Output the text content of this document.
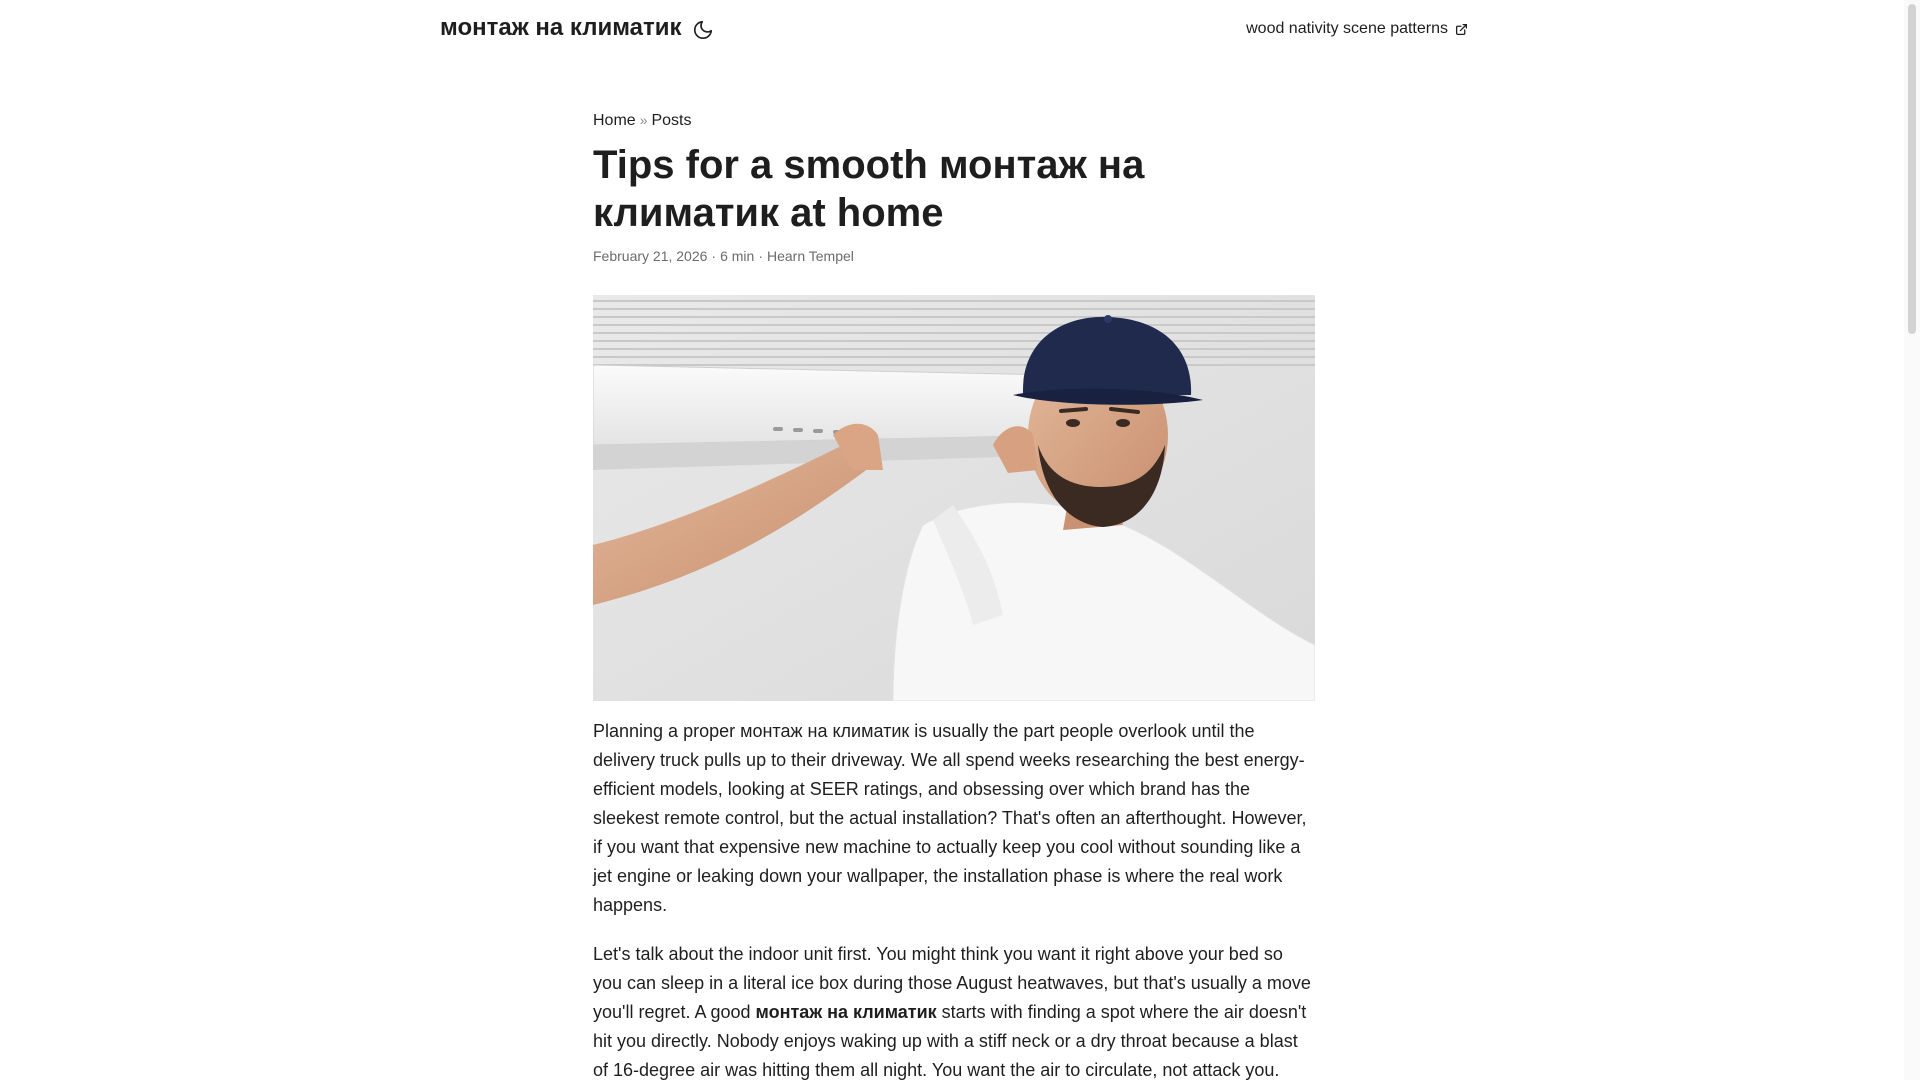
монтаж на климатик	wood nativity scene patterns
Home » Posts
Tips for a smooth монтаж на климатик at home
February 21, 2026 · 6 min · Hearn Tempel

Planning a proper монтаж на климатик is usually the part people overlook until the delivery truck pulls up to their driveway. We all spend weeks researching the best energy-efficient models, looking at SEER ratings, and obsessing over which brand has the sleekest remote control, but the actual installation? That's often an afterthought. However, if you want that expensive new machine to actually keep you cool without sounding like a jet engine or leaking down your wallpaper, the installation phase is where the real work happens.

Let's talk about the indoor unit first. You might think you want it right above your bed so you can sleep in a literal ice box during those August heatwaves, but that's usually a move you'll regret. A good монтаж на климатик starts with finding a spot where the air doesn't hit you directly. Nobody enjoys waking up with a stiff neck or a dry throat because a blast of 16-degree air was hitting them all night. You want the air to circulate, not attack you.
